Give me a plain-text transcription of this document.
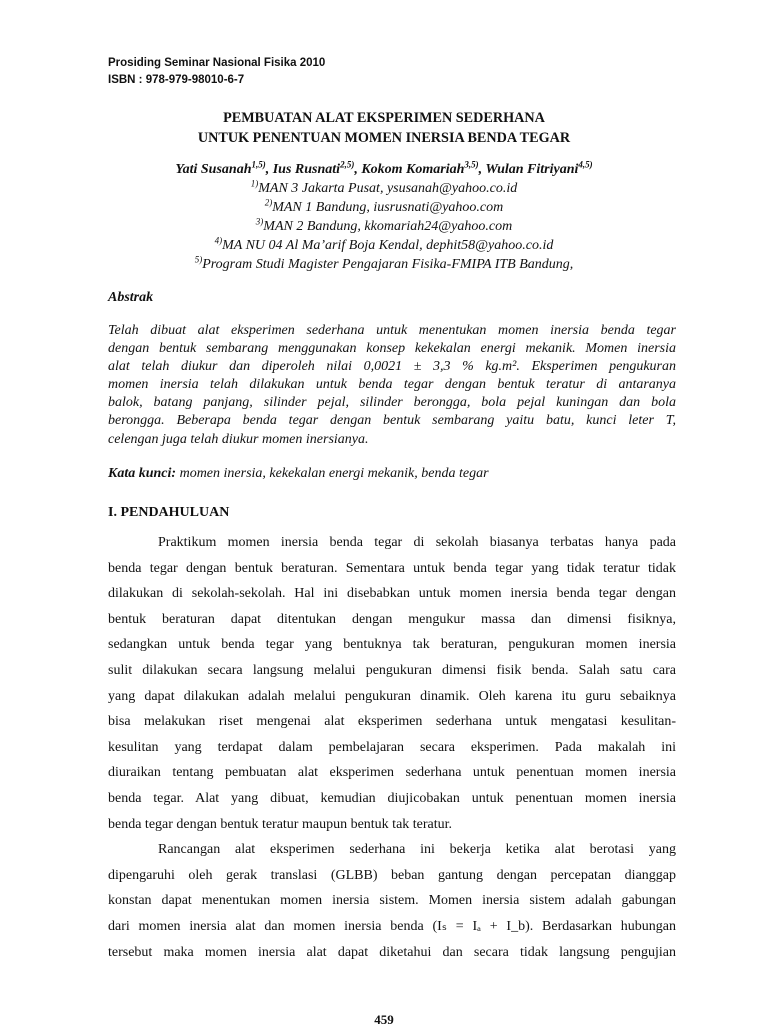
Prosiding Seminar Nasional Fisika 2010
ISBN : 978-979-98010-6-7
PEMBUATAN ALAT EKSPERIMEN SEDERHANA
UNTUK PENENTUAN MOMEN INERSIA BENDA TEGAR
Yati Susanah$^{1,5)}$, Ius Rusnati$^{2,5)}$, Kokom Komariah$^{3,5)}$, Wulan Fitriyani$^{4,5)}$
$^{1)}$MAN 3 Jakarta Pusat, ysusanah@yahoo.co.id
$^{2)}$MAN 1 Bandung, iusrusnati@yahoo.com
$^{3)}$MAN 2 Bandung, kkomariah24@yahoo.com
$^{4)}$MA NU 04 Al Ma’arif Boja Kendal, dephit58@yahoo.co.id
$^{5)}$Program Studi Magister Pengajaran Fisika-FMIPA ITB Bandung,
Abstrak
Telah dibuat alat eksperimen sederhana untuk menentukan momen inersia benda tegar
dengan bentuk sembarang menggunakan konsep kekekalan energi mekanik. Momen inersia
alat telah diukur dan diperoleh nilai 0,0021 ± 3,3 % kg.m². Eksperimen pengukuran
momen inersia telah dilakukan untuk benda tegar dengan bentuk teratur di antaranya
balok, batang panjang, silinder pejal, silinder berongga, bola pejal kuningan dan bola
berongga. Beberapa benda tegar dengan bentuk sembarang yaitu batu, kunci leter T,
celengan juga telah diukur momen inersianya.
Kata kunci: momen inersia, kekekalan energi mekanik, benda tegar
I. PENDAHULUAN
Praktikum momen inersia benda tegar di sekolah biasanya terbatas hanya pada
benda tegar dengan bentuk beraturan. Sementara untuk benda tegar yang tidak teratur tidak
dilakukan di sekolah-sekolah. Hal ini disebabkan untuk momen inersia benda tegar dengan
bentuk beraturan dapat ditentukan dengan mengukur massa dan dimensi fisiknya,
sedangkan untuk benda tegar yang bentuknya tak beraturan, pengukuran momen inersia
sulit dilakukan secara langsung melalui pengukuran dimensi fisik benda. Salah satu cara
yang dapat dilakukan adalah melalui pengukuran dinamik. Oleh karena itu guru sebaiknya
bisa melakukan riset mengenai alat eksperimen sederhana untuk mengatasi kesulitan-
kesulitan yang terdapat dalam pembelajaran secara eksperimen. Pada makalah ini
diuraikan tentang pembuatan alat eksperimen sederhana untuk penentuan momen inersia
benda tegar. Alat yang dibuat, kemudian diujicobakan untuk penentuan momen inersia
benda tegar dengan bentuk teratur maupun bentuk tak teratur.
Rancangan alat eksperimen sederhana ini bekerja ketika alat berotasi yang
dipengaruhi oleh gerak translasi (GLBB) beban gantung dengan percepatan dianggap
konstan dapat menentukan momen inersia sistem. Momen inersia sistem adalah gabungan
dari momen inersia alat dan momen inersia benda (Iₛ = Iₐ + I_b). Berdasarkan hubungan
tersebut maka momen inersia alat dapat diketahui dan secara tidak langsung pengujian
459
